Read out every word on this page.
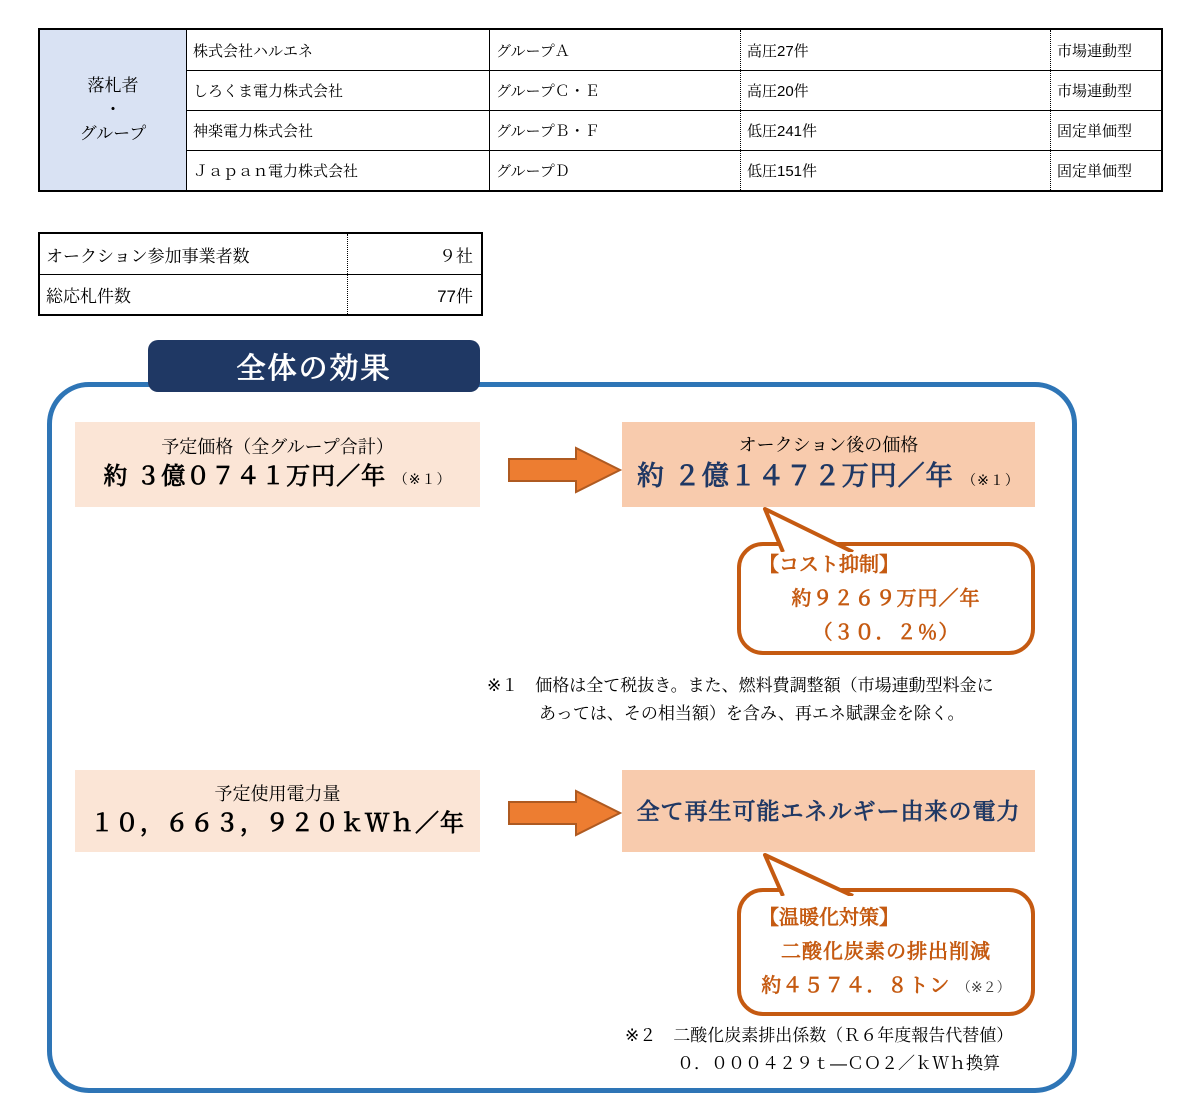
落札者
・
グループ
株式会社ハルエネ	グループＡ	高圧27件	市場連動型
しろくま電力株式会社	グループＣ・Ｅ	高圧20件	市場連動型
神楽電力株式会社	グループＢ・Ｆ	低圧241件	固定単価型
Ｊａｐａｎ電力株式会社	グループＤ	低圧151件	固定単価型
オークション参加事業者数	９社
総応札件数	77件
全体の効果
予定価格（全グループ合計）
約 ３億０７４１万円／年 （※１）
オークション後の価格
約 ２億１４７２万円／年 （※１）
【コスト抑制】
約９２６９万円／年
（３０．２％）
※１　価格は全て税抜き。また、燃料費調整額（市場連動型料金に
あっては、その相当額）を含み、再エネ賦課金を除く。
予定使用電力量
１０，６６３，９２０ｋＷｈ／年	全て再生可能エネルギー由来の電力
【温暖化対策】
二酸化炭素の排出削減
約４５７４．８トン （※２）
※２　二酸化炭素排出係数（Ｒ６年度報告代替値）
０．０００４２９ｔ―ＣＯ２／ｋＷｈ換算
